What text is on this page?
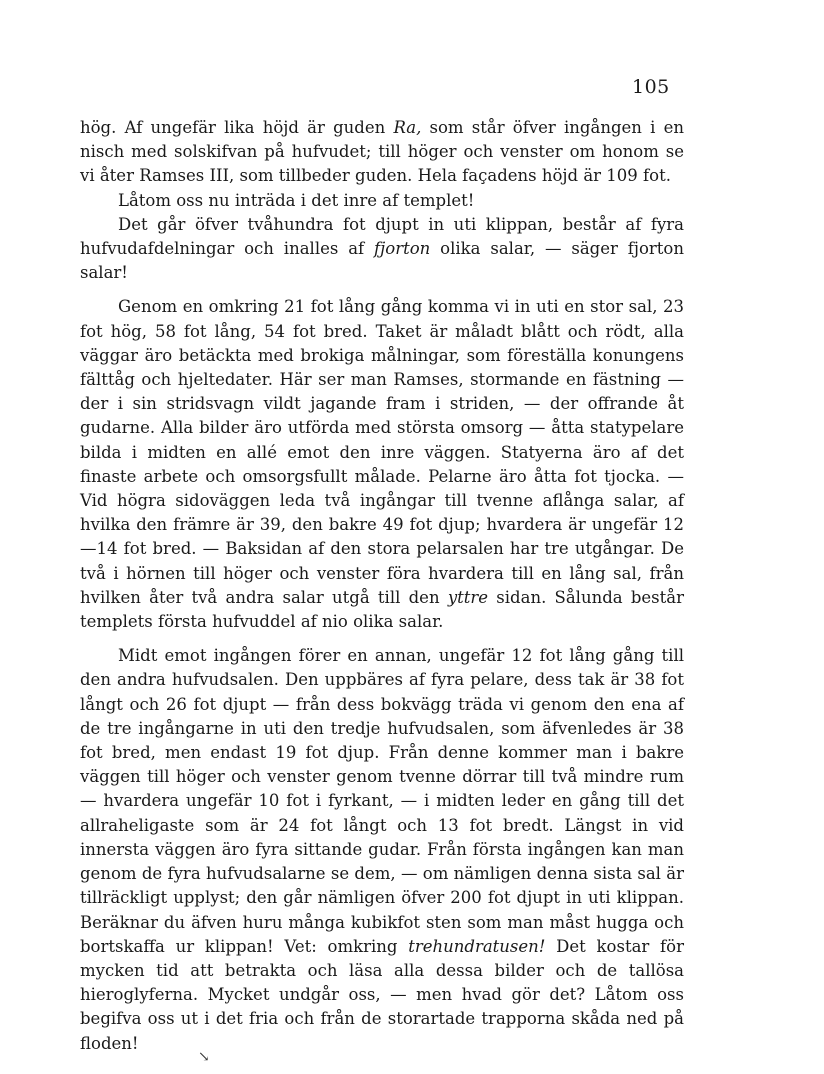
105

hög. Af ungefär lika höjd är guden Ra, som står öfver ingången i en nisch med solskifvan på hufvudet; till höger och venster om honom se vi åter Ramses III, som tillbeder guden. Hela façadens höjd är 109 fot.

Låtom oss nu inträda i det inre af templet!

Det går öfver tvåhundra fot djupt in uti klippan, består af fyra hufvudafdelningar och inalles af fjorton olika salar, — säger fjorton salar!

Genom en omkring 21 fot lång gång komma vi in uti en stor sal, 23 fot hög, 58 fot lång, 54 fot bred. Taket är måladt blått och rödt, alla väggar äro betäckta med brokiga målningar, som föreställa konungens fälttåg och hjeltedater. Här ser man Ramses, stormande en fästning — der i sin stridsvagn vildt jagande fram i striden, — der offrande åt gudarne. Alla bilder äro utförda med största omsorg — åtta statypelare bilda i midten en allé emot den inre väggen. Statyerna äro af det finaste arbete och omsorgsfullt målade. Pelarne äro åtta fot tjocka. — Vid högra sidoväggen leda två ingångar till tvenne aflånga salar, af hvilka den främre är 39, den bakre 49 fot djup; hvardera är ungefär 12—14 fot bred. — Baksidan af den stora pelarsalen har tre utgångar. De två i hörnen till höger och venster föra hvardera till en lång sal, från hvilken åter två andra salar utgå till den yttre sidan. Sålunda består templets första hufvuddel af nio olika salar.

Midt emot ingången förer en annan, ungefär 12 fot lång gång till den andra hufvudsalen. Den uppbäres af fyra pelare, dess tak är 38 fot långt och 26 fot djupt — från dess bokvägg träda vi genom den ena af de tre ingångarne in uti den tredje hufvudsalen, som äfvenledes är 38 fot bred, men endast 19 fot djup. Från denne kommer man i bakre väggen till höger och venster genom tvenne dörrar till två mindre rum — hvardera ungefär 10 fot i fyrkant, — i midten leder en gång till det allraheligaste som är 24 fot långt och 13 fot bredt. Längst in vid innersta väggen äro fyra sittande gudar. Från första ingången kan man genom de fyra hufvudsalarne se dem, — om nämligen denna sista sal är tillräckligt upplyst; den går nämligen öfver 200 fot djupt in uti klippan. Beräknar du äfven huru många kubikfot sten som man måst hugga och bortskaffa ur klippan! Vet: omkring trehundratusen! Det kostar för mycken tid att betrakta och läsa alla dessa bilder och de tallösa hieroglyferna. Mycket undgår oss, — men hvad gör det? Låtom oss begifva oss ut i det fria och från de storartade trapporna skåda ned på floden!

↘
